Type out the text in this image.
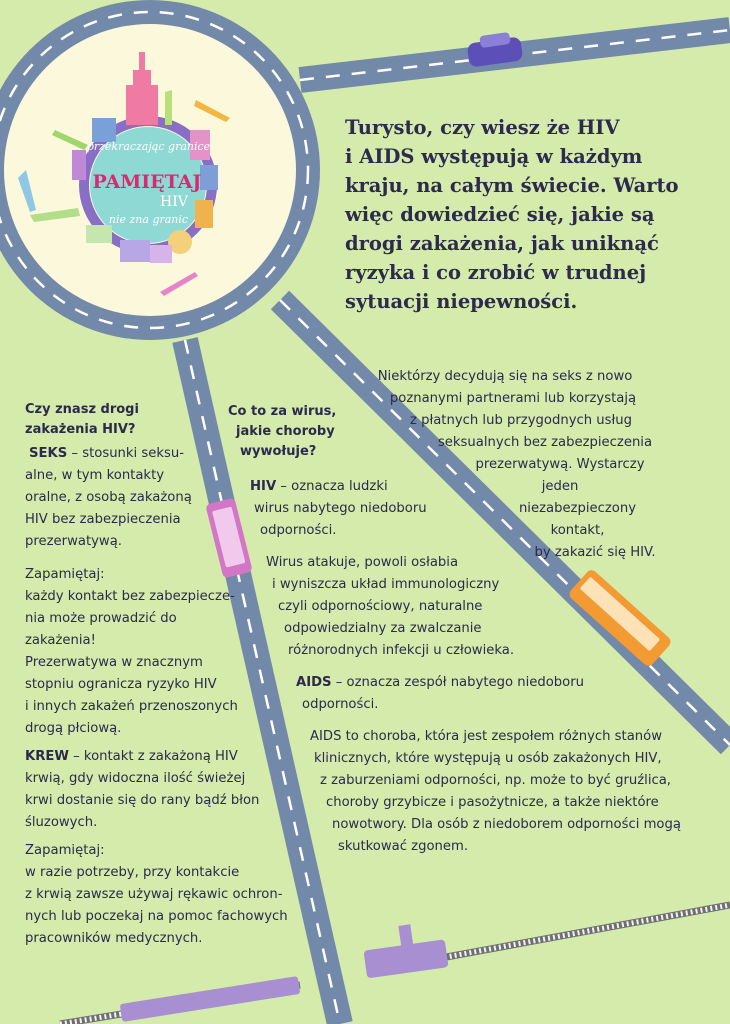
przekraczając granice
PAMIĘTAJ
HIV
nie zna granic
Turysto, czy wiesz że HIV
i AIDS występują w każdym
kraju, na całym świecie. Warto
więc dowiedzieć się, jakie są
drogi zakażenia, jak uniknąć
ryzyka i co zrobić w trudnej
sytuacji niepewności.

Niektórzy decydują się na seks z nowo

poznanymi partnerami lub korzystają

z płatnych lub przygodnych usług

seksualnych bez zabezpieczenia

prezerwatywą. Wystarczy jeden

niezabezpieczony kontakt,

by zakazić się HIV.

Czy znasz drogi

zakażenia HIV?

SEKS – stosunki seksu-

alne, w tym kontakty

oralne, z osobą zakażoną

HIV bez zabezpieczenia

prezerwatywą.

Zapamiętaj:

każdy kontakt bez zabezpiecze-

nia może prowadzić do

zakażenia!

Prezerwatywa w znacznym

stopniu ogranicza ryzyko HIV

i innych zakażeń przenoszonych

drogą płciową.

KREW – kontakt z zakażoną HIV

krwią, gdy widoczna ilość świeżej

krwi dostanie się do rany bądź błon

śluzowych.

Zapamiętaj:

w razie potrzeby, przy kontakcie

z krwią zawsze używaj rękawic ochron-

nych lub poczekaj na pomoc fachowych

pracowników medycznych.

Co to za wirus,

jakie choroby

wywołuje?

HIV – oznacza ludzki

wirus nabytego niedoboru

odporności.

Wirus atakuje, powoli osłabia

i wyniszcza układ immunologiczny

czyli odpornościowy, naturalne

odpowiedzialny za zwalczanie

różnorodnych infekcji u człowieka.

AIDS – oznacza zespół nabytego niedoboru

odporności.

AIDS to choroba, która jest zespołem różnych stanów

klinicznych, które występują u osób zakażonych HIV,

z zaburzeniami odporności, np. może to być gruźlica,

choroby grzybicze i pasożytnicze, a także niektóre

nowotwory. Dla osób z niedoborem odporności mogą

skutkować zgonem.
